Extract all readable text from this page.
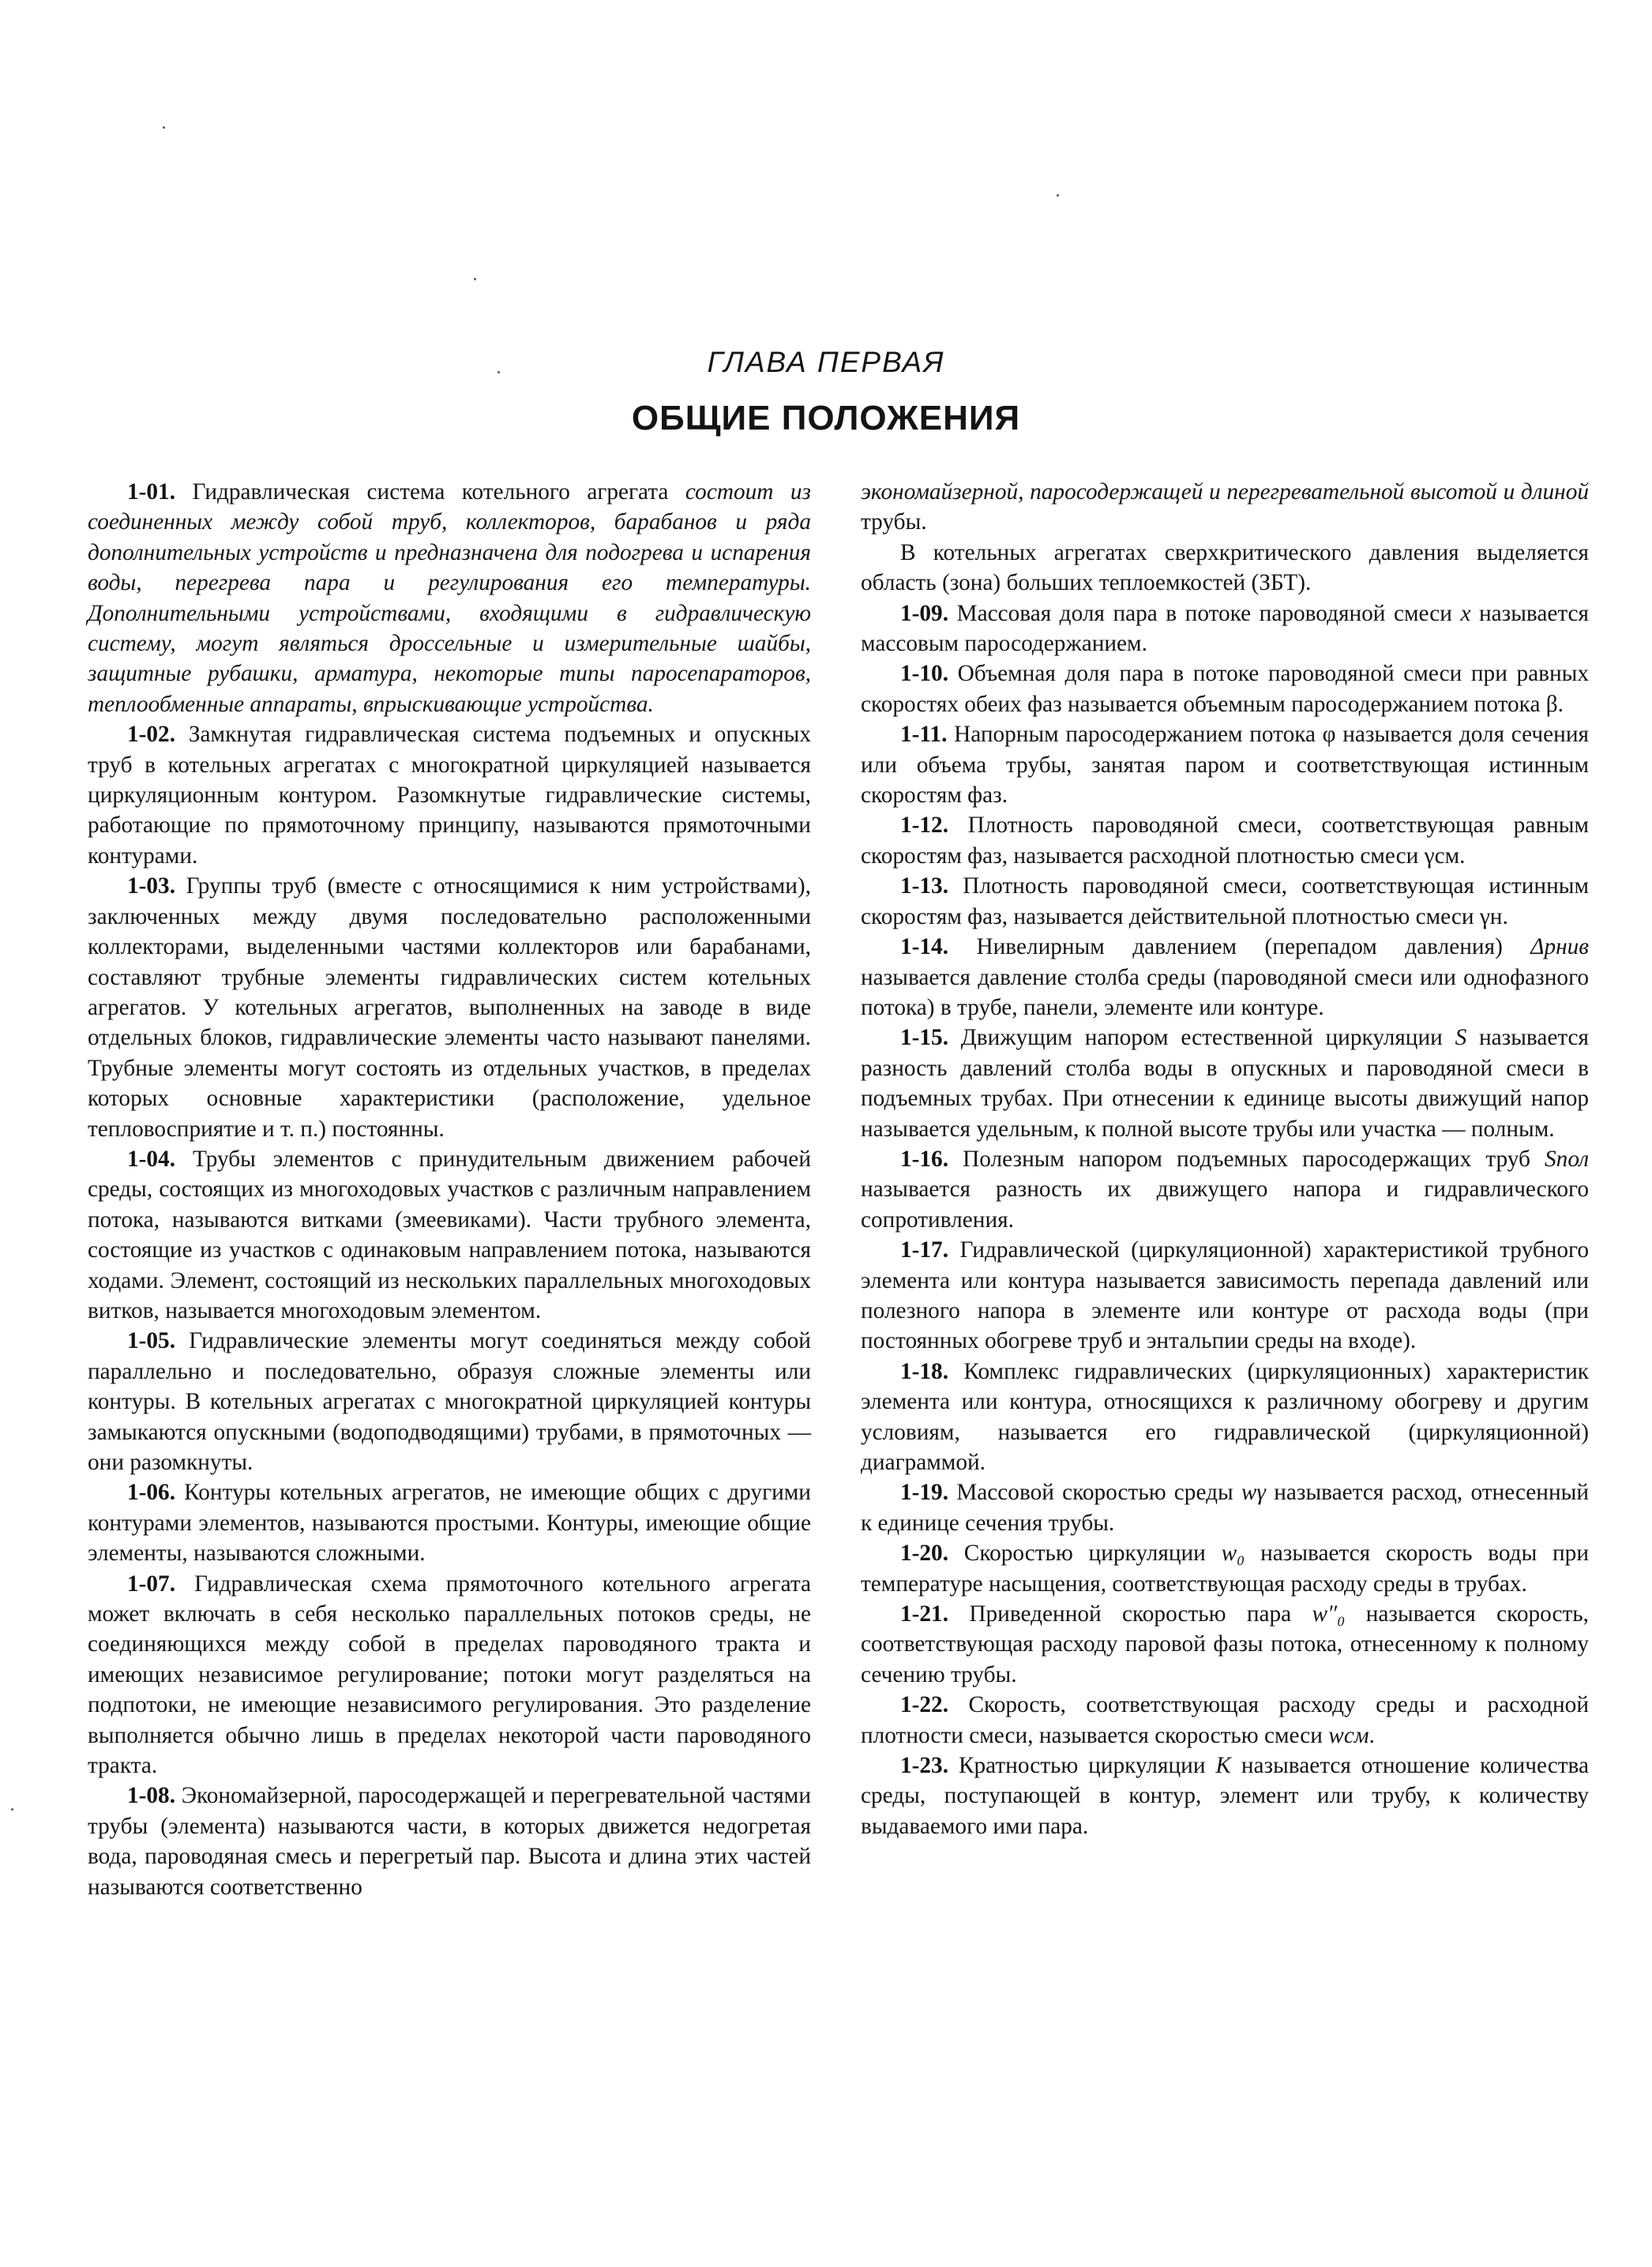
ГЛАВА ПЕРВАЯ
ОБЩИЕ ПОЛОЖЕНИЯ

1-01. Гидравлическая система котельного агрегата состоит из соединенных между собой труб, коллекторов, барабанов и ряда дополнительных устройств и предназначена для подогрева и испарения воды, перегрева пара и регулирования его температуры. Дополнительными устройствами, входящими в гидравлическую систему, могут являться дроссельные и измерительные шайбы, защитные рубашки, арматура, некоторые типы паросепараторов, теплообменные аппараты, впрыскивающие устройства.

1-02. Замкнутая гидравлическая система подъемных и опускных труб в котельных агрегатах с многократной циркуляцией называется циркуляционным контуром. Разомкнутые гидравлические системы, работающие по прямоточному принципу, называются прямоточными контурами.

1-03. Группы труб (вместе с относящимися к ним устройствами), заключенных между двумя последовательно расположенными коллекторами, выделенными частями коллекторов или барабанами, составляют трубные элементы гидравлических систем котельных агрегатов. У котельных агрегатов, выполненных на заводе в виде отдельных блоков, гидравлические элементы часто называют панелями. Трубные элементы могут состоять из отдельных участков, в пределах которых основные характеристики (расположение, удельное тепловосприятие и т. п.) постоянны.

1-04. Трубы элементов с принудительным движением рабочей среды, состоящих из многоходовых участков с различным направлением потока, называются витками (змеевиками). Части трубного элемента, состоящие из участков с одинаковым направлением потока, называются ходами. Элемент, состоящий из нескольких параллельных многоходовых витков, называется многоходовым элементом.

1-05. Гидравлические элементы могут соединяться между собой параллельно и последовательно, образуя сложные элементы или контуры. В котельных агрегатах с многократной циркуляцией контуры замыкаются опускными (водоподводящими) трубами, в прямоточных — они разомкнуты.

1-06. Контуры котельных агрегатов, не имеющие общих с другими контурами элементов, называются простыми. Контуры, имеющие общие элементы, называются сложными.

1-07. Гидравлическая схема прямоточного котельного агрегата может включать в себя несколько параллельных потоков среды, не соединяющихся между собой в пределах пароводяного тракта и имеющих независимое регулирование; потоки могут разделяться на подпотоки, не имеющие независимого регулирования. Это разделение выполняется обычно лишь в пределах некоторой части пароводяного тракта.

1-08. Экономайзерной, паросодержащей и перегревательной частями трубы (элемента) называются части, в которых движется недогретая вода, пароводяная смесь и перегретый пар. Высота и длина этих частей называются соответственно

экономайзерной, паросодержащей и перегревательной высотой и длиной трубы.

В котельных агрегатах сверхкритического давления выделяется область (зона) больших теплоемкостей (ЗБТ).

1-09. Массовая доля пара в потоке пароводяной смеси x называется массовым паросодержанием.

1-10. Объемная доля пара в потоке пароводяной смеси при равных скоростях обеих фаз называется объемным паросодержанием потока β.

1-11. Напорным паросодержанием потока φ называется доля сечения или объема трубы, занятая паром и соответствующая истинным скоростям фаз.

1-12. Плотность пароводяной смеси, соответствующая равным скоростям фаз, называется расходной плотностью смеси γсм.

1-13. Плотность пароводяной смеси, соответствующая истинным скоростям фаз, называется действительной плотностью смеси γн.

1-14. Нивелирным давлением (перепадом давления) Δрнив называется давление столба среды (пароводяной смеси или однофазного потока) в трубе, панели, элементе или контуре.

1-15. Движущим напором естественной циркуляции S называется разность давлений столба воды в опускных и пароводяной смеси в подъемных трубах. При отнесении к единице высоты движущий напор называется удельным, к полной высоте трубы или участка — полным.

1-16. Полезным напором подъемных паросодержащих труб Sпол называется разность их движущего напора и гидравлического сопротивления.

1-17. Гидравлической (циркуляционной) характеристикой трубного элемента или контура называется зависимость перепада давлений или полезного напора в элементе или контуре от расхода воды (при постоянных обогреве труб и энтальпии среды на входе).

1-18. Комплекс гидравлических (циркуляционных) характеристик элемента или контура, относящихся к различному обогреву и другим условиям, называется его гидравлической (циркуляционной) диаграммой.

1-19. Массовой скоростью среды wγ называется расход, отнесенный к единице сечения трубы.

1-20. Скоростью циркуляции w₀ называется скорость воды при температуре насыщения, соответствующая расходу среды в трубах.

1-21. Приведенной скоростью пара w″₀ называется скорость, соответствующая расходу паровой фазы потока, отнесенному к полному сечению трубы.

1-22. Скорость, соответствующая расходу среды и расходной плотности смеси, называется скоростью смеси wсм.

1-23. Кратностью циркуляции K называется отношение количества среды, поступающей в контур, элемент или трубу, к количеству выдаваемого ими пара.
